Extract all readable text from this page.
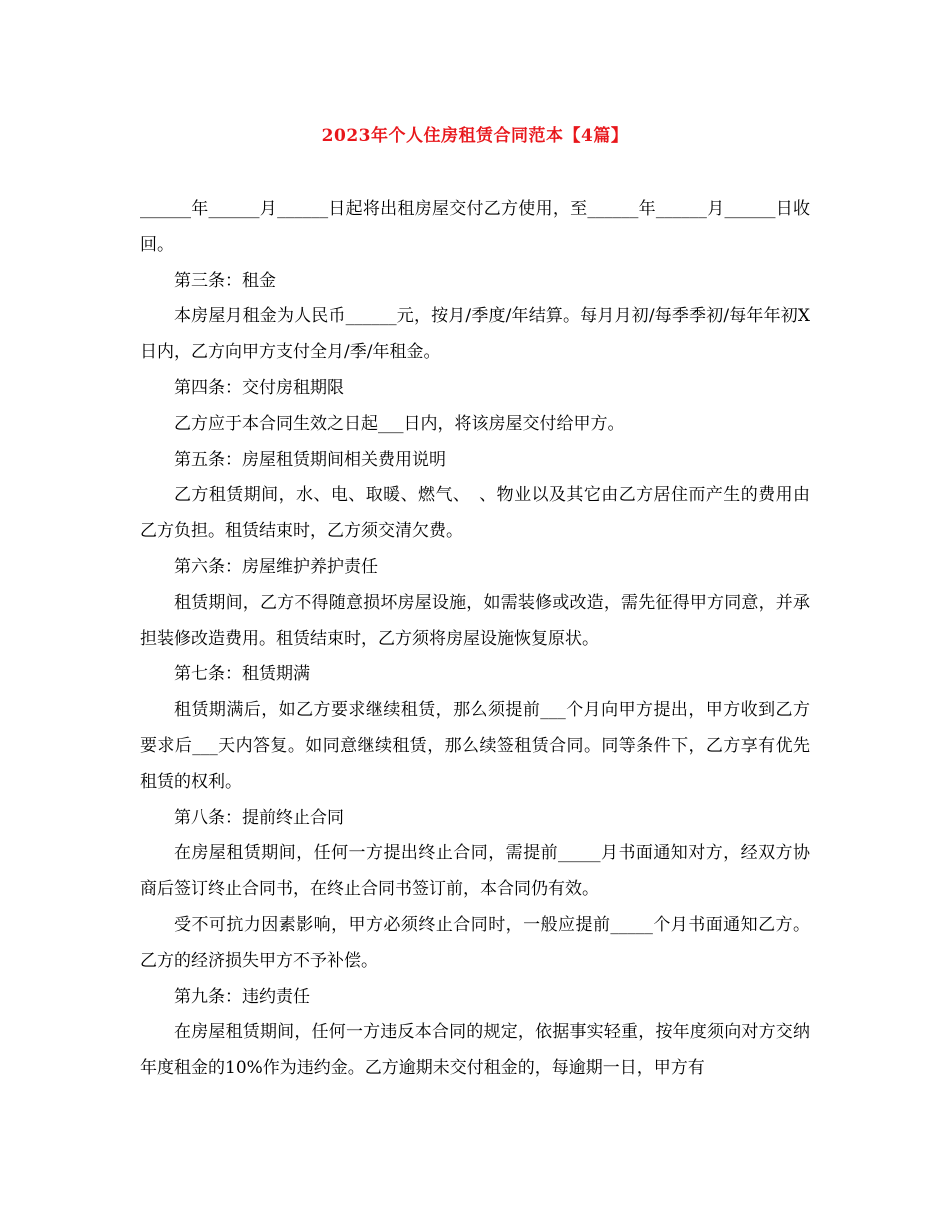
2023年个人住房租赁合同范本【4篇】

______年______月______日起将出租房屋交付乙方使用，至______年______月______日收回。

第三条：租金

本房屋月租金为人民币______元，按月/季度/年结算。每月月初/每季季初/每年年初X日内，乙方向甲方支付全月/季/年租金。

第四条：交付房租期限

乙方应于本合同生效之日起___日内，将该房屋交付给甲方。

第五条：房屋租赁期间相关费用说明

乙方租赁期间，水、电、取暖、燃气、　、物业以及其它由乙方居住而产生的费用由乙方负担。租赁结束时，乙方须交清欠费。

第六条：房屋维护养护责任

租赁期间，乙方不得随意损坏房屋设施，如需装修或改造，需先征得甲方同意，并承担装修改造费用。租赁结束时，乙方须将房屋设施恢复原状。

第七条：租赁期满

租赁期满后，如乙方要求继续租赁，那么须提前___个月向甲方提出，甲方收到乙方要求后___天内答复。如同意继续租赁，那么续签租赁合同。同等条件下，乙方享有优先租赁的权利。

第八条：提前终止合同

在房屋租赁期间，任何一方提出终止合同，需提前_____月书面通知对方，经双方协商后签订终止合同书，在终止合同书签订前，本合同仍有效。

受不可抗力因素影响，甲方必须终止合同时，一般应提前_____个月书面通知乙方。乙方的经济损失甲方不予补偿。

第九条：违约责任

在房屋租赁期间，任何一方违反本合同的规定，依据事实轻重，按年度须向对方交纳年度租金的10%作为违约金。乙方逾期未交付租金的，每逾期一日，甲方有
